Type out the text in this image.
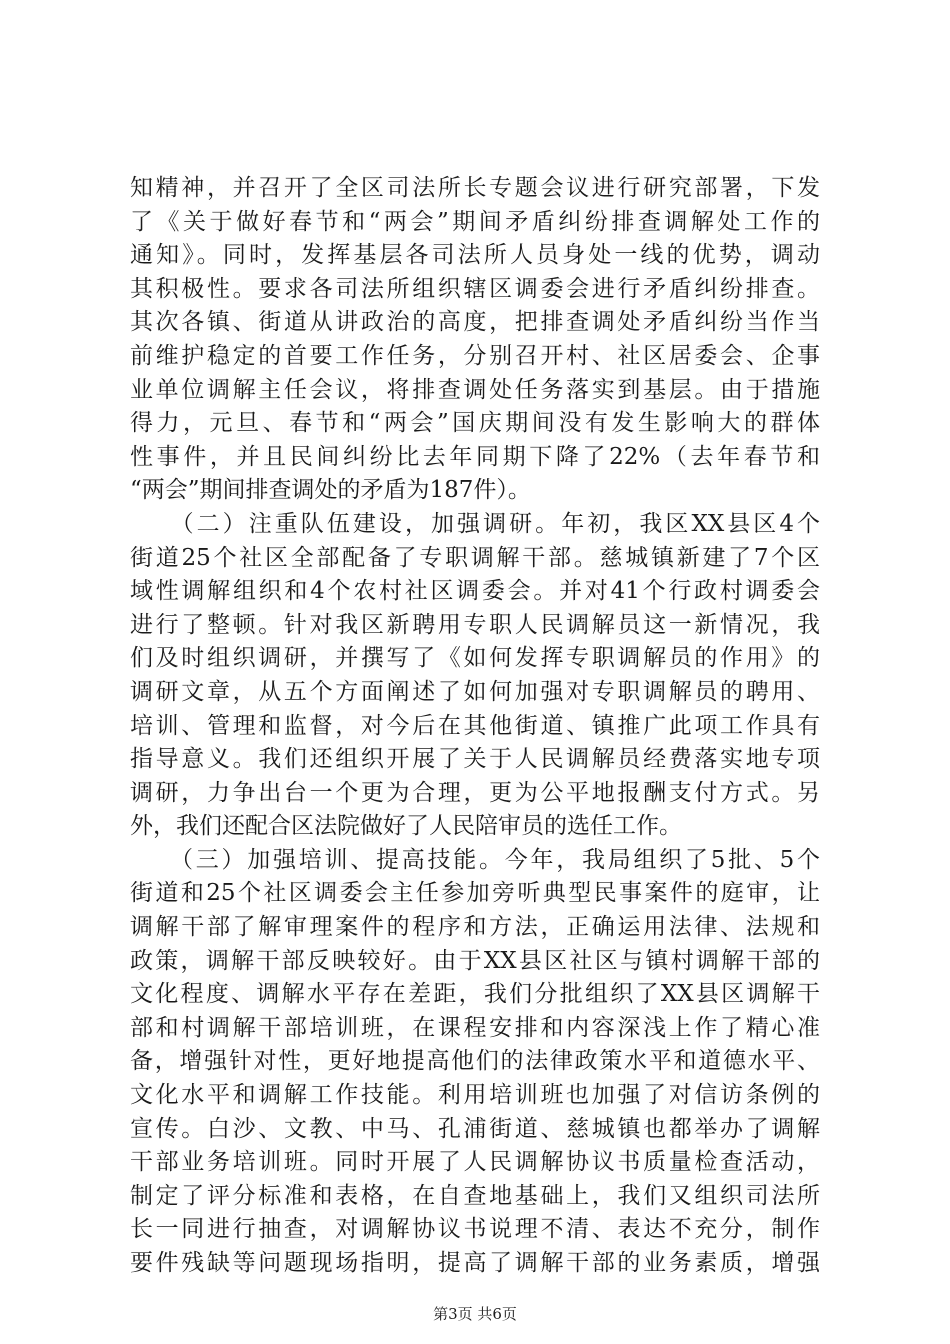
知精神，并召开了全区司法所长专题会议进行研究部署，下发
了《关于做好春节和“两会”期间矛盾纠纷排查调解处工作的
通知》。同时，发挥基层各司法所人员身处一线的优势，调动
其积极性。要求各司法所组织辖区调委会进行矛盾纠纷排查。
其次各镇、街道从讲政治的高度，把排查调处矛盾纠纷当作当
前维护稳定的首要工作任务，分别召开村、社区居委会、企事
业单位调解主任会议，将排查调处任务落实到基层。由于措施
得力，元旦、春节和“两会”国庆期间没有发生影响大的群体
性事件，并且民间纠纷比去年同期下降了22%（去年春节和
“两会”期间排查调处的矛盾为187件）。
　　（二）注重队伍建设，加强调研。年初，我区XX县区4个
街道25个社区全部配备了专职调解干部。慈城镇新建了7个区
域性调解组织和4个农村社区调委会。并对41个行政村调委会
进行了整顿。针对我区新聘用专职人民调解员这一新情况，我
们及时组织调研，并撰写了《如何发挥专职调解员的作用》的
调研文章，从五个方面阐述了如何加强对专职调解员的聘用、
培训、管理和监督，对今后在其他街道、镇推广此项工作具有
指导意义。我们还组织开展了关于人民调解员经费落实地专项
调研，力争出台一个更为合理，更为公平地报酬支付方式。另
外，我们还配合区法院做好了人民陪审员的选任工作。
　　（三）加强培训、提高技能。今年，我局组织了5批、5个
街道和25个社区调委会主任参加旁听典型民事案件的庭审，让
调解干部了解审理案件的程序和方法，正确运用法律、法规和
政策，调解干部反映较好。由于XX县区社区与镇村调解干部的
文化程度、调解水平存在差距，我们分批组织了XX县区调解干
部和村调解干部培训班，在课程安排和内容深浅上作了精心准
备，增强针对性，更好地提高他们的法律政策水平和道德水平、
文化水平和调解工作技能。利用培训班也加强了对信访条例的
宣传。白沙、文教、中马、孔浦街道、慈城镇也都举办了调解
干部业务培训班。同时开展了人民调解协议书质量检查活动，
制定了评分标准和表格，在自查地基础上，我们又组织司法所
长一同进行抽查，对调解协议书说理不清、表达不充分，制作
要件残缺等问题现场指明，提高了调解干部的业务素质，增强
第3页 共6页
